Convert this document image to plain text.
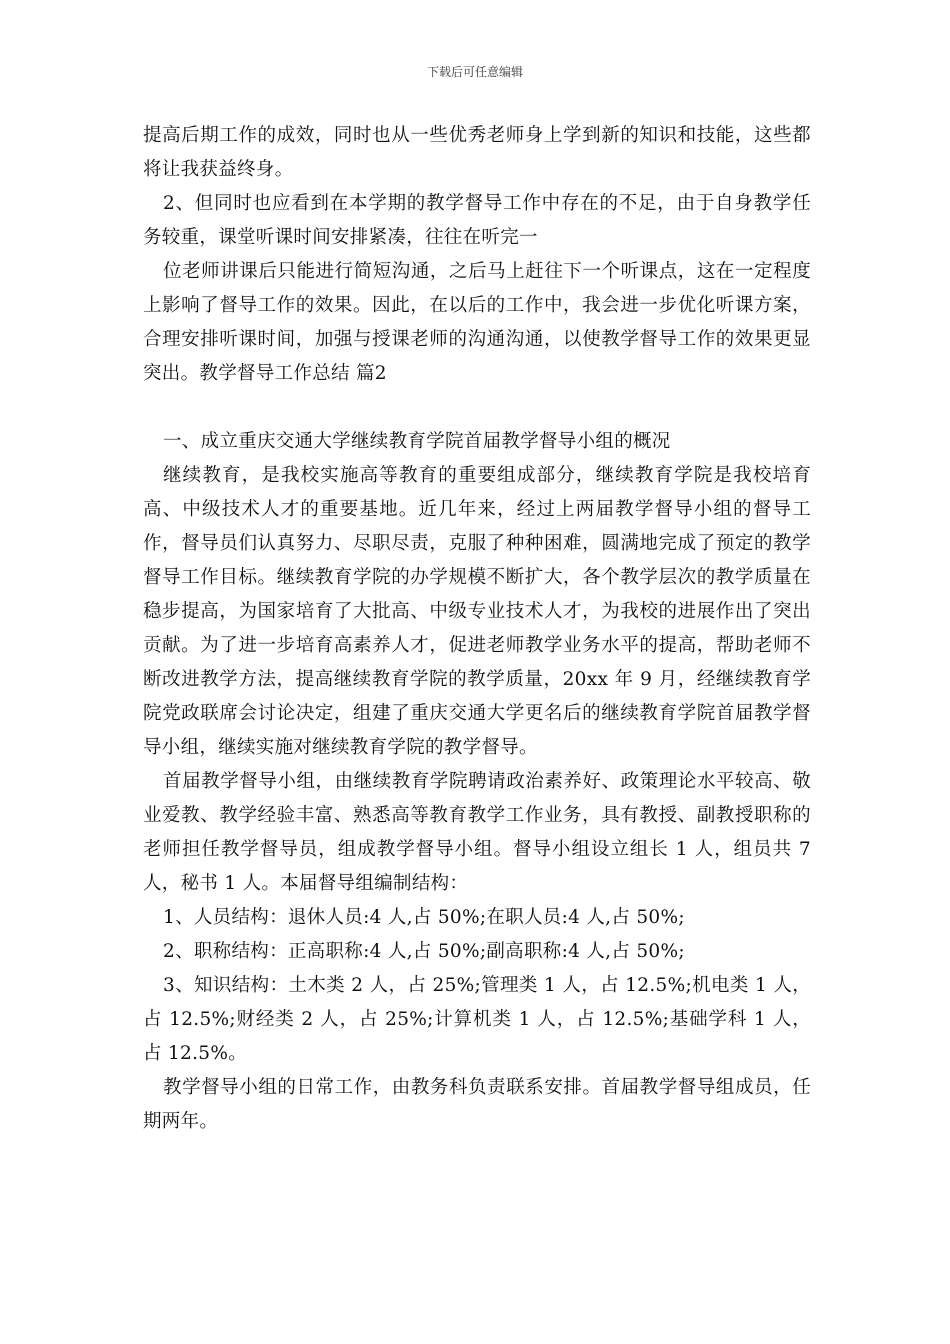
下载后可任意编辑

提高后期工作的成效，同时也从一些优秀老师身上学到新的知识和技能，这些都将让我获益终身。

2、但同时也应看到在本学期的教学督导工作中存在的不足，由于自身教学任务较重，课堂听课时间安排紧凑，往往在听完一

位老师讲课后只能进行简短沟通，之后马上赶往下一个听课点，这在一定程度上影响了督导工作的效果。因此，在以后的工作中，我会进一步优化听课方案，合理安排听课时间，加强与授课老师的沟通沟通，以使教学督导工作的效果更显突出。教学督导工作总结 篇2

一、成立重庆交通大学继续教育学院首届教学督导小组的概况

继续教育，是我校实施高等教育的重要组成部分，继续教育学院是我校培育高、中级技术人才的重要基地。近几年来，经过上两届教学督导小组的督导工作，督导员们认真努力、尽职尽责，克服了种种困难，圆满地完成了预定的教学督导工作目标。继续教育学院的办学规模不断扩大，各个教学层次的教学质量在稳步提高，为国家培育了大批高、中级专业技术人才，为我校的进展作出了突出贡献。为了进一步培育高素养人才，促进老师教学业务水平的提高，帮助老师不断改进教学方法，提高继续教育学院的教学质量，20xx 年 9 月，经继续教育学院党政联席会讨论决定，组建了重庆交通大学更名后的继续教育学院首届教学督导小组，继续实施对继续教育学院的教学督导。

首届教学督导小组，由继续教育学院聘请政治素养好、政策理论水平较高、敬业爱教、教学经验丰富、熟悉高等教育教学工作业务，具有教授、副教授职称的老师担任教学督导员，组成教学督导小组。督导小组设立组长 1 人，组员共 7 人，秘书 1 人。本届督导组编制结构：

1、人员结构：退休人员:4 人,占 50%;在职人员:4 人,占 50%;

2、职称结构：正高职称:4 人,占 50%;副高职称:4 人,占 50%;

3、知识结构：土木类 2 人，占 25%;管理类 1 人，占 12.5%;机电类 1 人，占 12.5%;财经类 2 人，占 25%;计算机类 1 人，占 12.5%;基础学科 1 人，占 12.5%。

教学督导小组的日常工作，由教务科负责联系安排。首届教学督导组成员，任期两年。
